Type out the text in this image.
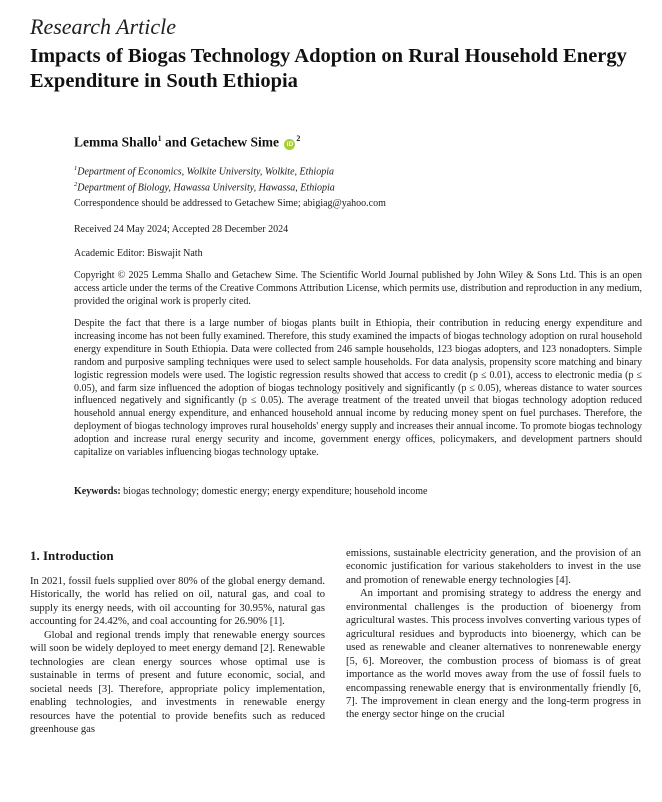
Research Article
Impacts of Biogas Technology Adoption on Rural Household Energy Expenditure in South Ethiopia
Lemma Shallo$^1$ and Getachew Sime $iD^2$
$^1$Department of Economics, Wolkite University, Wolkite, Ethiopia
$^2$Department of Biology, Hawassa University, Hawassa, Ethiopia
Correspondence should be addressed to Getachew Sime; abigiag@yahoo.com
Received 24 May 2024; Accepted 28 December 2024
Academic Editor: Biswajit Nath
Copyright © 2025 Lemma Shallo and Getachew Sime. The Scientific World Journal published by John Wiley & Sons Ltd. This is an open access article under the terms of the Creative Commons Attribution License, which permits use, distribution and reproduction in any medium, provided the original work is properly cited.
Despite the fact that there is a large number of biogas plants built in Ethiopia, their contribution in reducing energy expenditure and increasing income has not been fully examined. Therefore, this study examined the impacts of biogas technology adoption on rural household energy expenditure in South Ethiopia. Data were collected from 246 sample households, 123 biogas adopters, and 123 nonadopters. Simple random and purposive sampling techniques were used to select sample households. For data analysis, propensity score matching and binary logistic regression models were used. The logistic regression results showed that access to credit (p ≤ 0.01), access to electronic media (p ≤ 0.05), and farm size influenced the adoption of biogas technology positively and significantly (p ≤ 0.05), whereas distance to water sources influenced negatively and significantly (p ≤ 0.05). The average treatment of the treated unveil that biogas technology adoption reduced household annual energy expenditure, and enhanced household annual income by reducing money spent on fuel purchases. Therefore, the deployment of biogas technology improves rural households' energy supply and increases their annual income. To promote biogas technology adoption and increase rural energy security and income, government energy offices, policymakers, and development partners should capitalize on variables influencing biogas technology uptake.
Keywords: biogas technology; domestic energy; energy expenditure; household income
1. Introduction

In 2021, fossil fuels supplied over 80% of the global energy demand. Historically, the world has relied on oil, natural gas, and coal to supply its energy needs, with oil accounting for 30.95%, natural gas accounting for 24.42%, and coal accounting for 26.90% [1].

Global and regional trends imply that renewable energy sources will soon be widely deployed to meet energy demand [2]. Renewable technologies are clean energy sources whose optimal use is sustainable in terms of present and future economic, social, and societal needs [3]. Therefore, appropriate policy implementation, enabling technologies, and investments in renewable energy resources have the potential to provide benefits such as reduced greenhouse gas

emissions, sustainable electricity generation, and the provision of an economic justification for various stakeholders to invest in the use and promotion of renewable energy technologies [4].

An important and promising strategy to address the energy and environmental challenges is the production of bioenergy from agricultural wastes. This process involves converting various types of agricultural residues and byproducts into bioenergy, which can be used as renewable and cleaner alternatives to nonrenewable energy [5, 6]. Moreover, the combustion process of biomass is of great importance as the world moves away from the use of fossil fuels to encompassing renewable energy that is environmentally friendly [6, 7]. The improvement in clean energy and the long-term progress in the energy sector hinge on the crucial
